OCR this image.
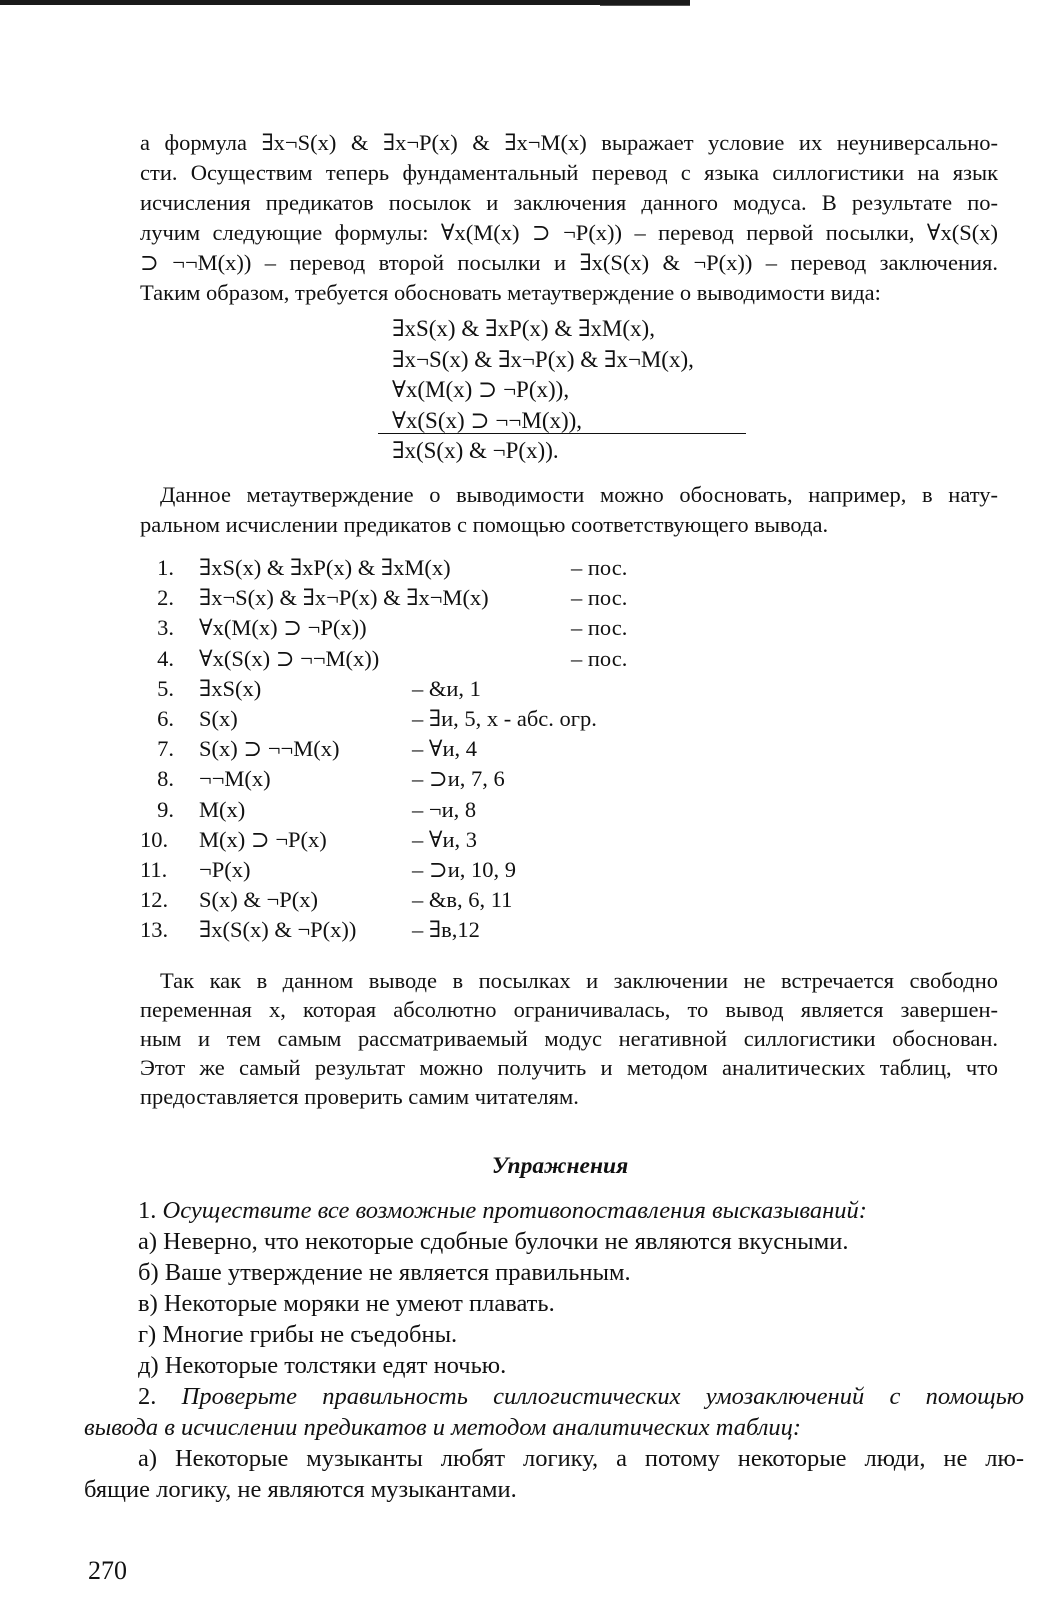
а формула ∃x¬S(x) & ∃x¬P(x) & ∃x¬M(x) выражает условие их неуниверсально-
сти. Осуществим теперь фундаментальный перевод с языка силлогистики на язык
исчисления предикатов посылок и заключения данного модуса. В результате по-
лучим следующие формулы: ∀x(M(x) ⊃ ¬P(x)) – перевод первой посылки, ∀x(S(x)
⊃ ¬¬M(x)) – перевод второй посылки и ∃x(S(x) & ¬P(x)) – перевод заключения.
Таким образом, требуется обосновать метаутверждение о выводимости вида:
∃xS(x) & ∃xP(x) & ∃xM(x),
∃x¬S(x) & ∃x¬P(x) & ∃x¬M(x),
∀x(M(x) ⊃ ¬P(x)),
∀x(S(x) ⊃ ¬¬M(x)),
∃x(S(x) & ¬P(x)).
Данное метаутверждение о выводимости можно обосновать, например, в нату-
ральном исчислении предикатов с помощью соответствующего вывода.
1. ∃xS(x) & ∃xP(x) & ∃xM(x)	– пос.
2. ∃x¬S(x) & ∃x¬P(x) & ∃x¬M(x)	– пос.
3. ∀x(M(x) ⊃ ¬P(x))	– пос.
4. ∀x(S(x) ⊃ ¬¬M(x))	– пос.
5. ∃xS(x)	– &и, 1
6. S(x)	– ∃и, 5, x - абс. огр.
7. S(x) ⊃ ¬¬M(x)	– ∀и, 4
8. ¬¬M(x)	– ⊃и, 7, 6
9. M(x)	– ¬и, 8
10.	M(x) ⊃ ¬P(x)	– ∀и, 3
11.	¬P(x)	– ⊃и, 10, 9
12.	S(x) & ¬P(x)	– &в, 6, 11
13.	∃x(S(x) & ¬P(x)) – ∃в,12
Так как в данном выводе в посылках и заключении не встречается свободно
переменная x, которая абсолютно ограничивалась, то вывод является завершен-
ным и тем самым рассматриваемый модус негативной силлогистики обоснован.
Этот же самый результат можно получить и методом аналитических таблиц, что
предоставляется проверить самим читателям.
Упражнения
1. Осуществите все возможные противопоставления высказываний:
а) Неверно, что некоторые сдобные булочки не являются вкусными.
б) Ваше утверждение не является правильным.
в) Некоторые моряки не умеют плавать.
г) Многие грибы не съедобны.
д) Некоторые толстяки едят ночью.
2. Проверьте правильность силлогистических умозаключений с помощью
вывода в исчислении предикатов и методом аналитических таблиц:
а) Некоторые музыканты любят логику, а потому некоторые люди, не лю-
бящие логику, не являются музыкантами.
270
